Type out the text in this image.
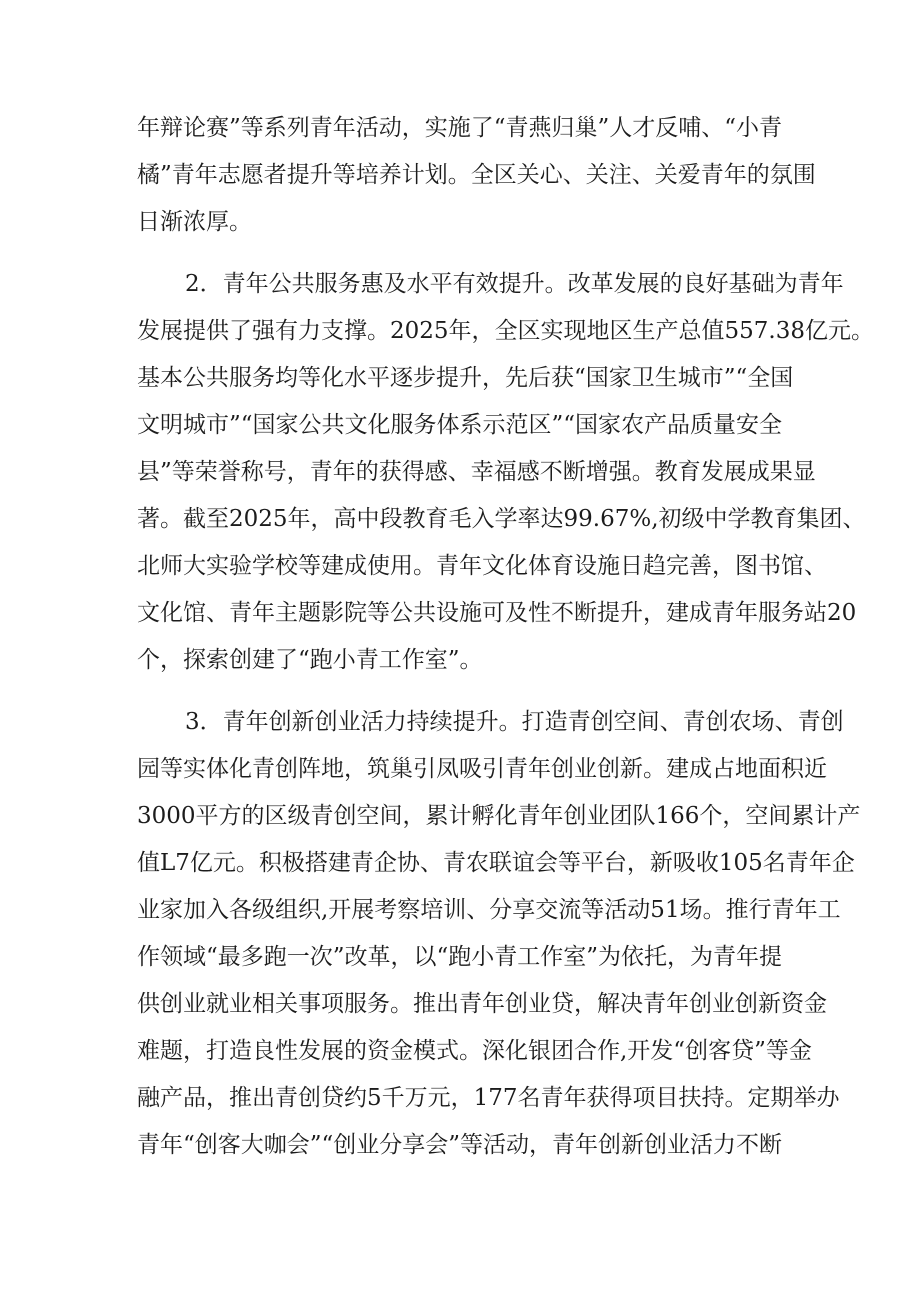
年辩论赛”等系列青年活动，实施了“青燕归巢”人才反哺、“小青
橘”青年志愿者提升等培养计划。全区关心、关注、关爱青年的氛围
日渐浓厚。
2．青年公共服务惠及水平有效提升。改革发展的良好基础为青年
发展提供了强有力支撑。2025年，全区实现地区生产总值557.38亿元。
基本公共服务均等化水平逐步提升，先后获“国家卫生城市”“全国
文明城市”“国家公共文化服务体系示范区”“国家农产品质量安全
县”等荣誉称号，青年的获得感、幸福感不断增强。教育发展成果显
著。截至2025年，高中段教育毛入学率达99.67%,初级中学教育集团、
北师大实验学校等建成使用。青年文化体育设施日趋完善，图书馆、
文化馆、青年主题影院等公共设施可及性不断提升，建成青年服务站20
个，探索创建了“跑小青工作室”。
3．青年创新创业活力持续提升。打造青创空间、青创农场、青创
园等实体化青创阵地，筑巢引凤吸引青年创业创新。建成占地面积近
3000平方的区级青创空间，累计孵化青年创业团队166个，空间累计产
值L7亿元。积极搭建青企协、青农联谊会等平台，新吸收105名青年企
业家加入各级组织,开展考察培训、分享交流等活动51场。推行青年工
作领域“最多跑一次”改革，以“跑小青工作室”为依托，为青年提
供创业就业相关事项服务。推出青年创业贷，解决青年创业创新资金
难题，打造良性发展的资金模式。深化银团合作,开发“创客贷”等金
融产品，推出青创贷约5千万元，177名青年获得项目扶持。定期举办
青年“创客大咖会”“创业分享会”等活动，青年创新创业活力不断
